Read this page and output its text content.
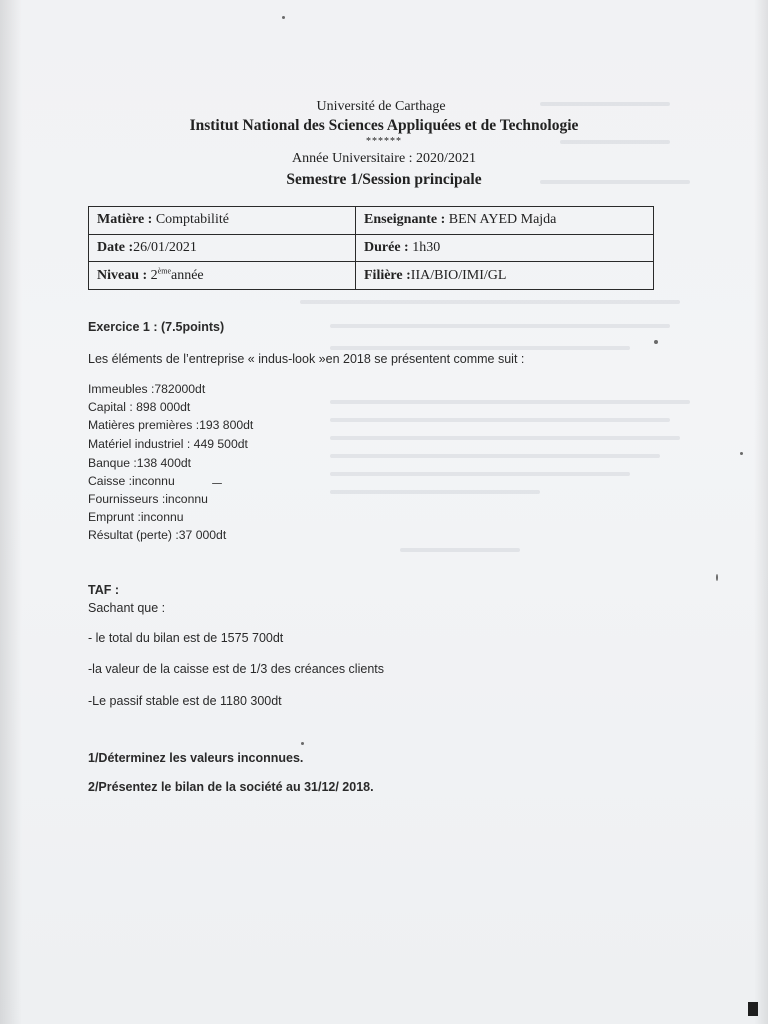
Université de Carthage
Institut National des Sciences Appliquées et de Technologie
******
Année Universitaire : 2020/2021
Semestre 1/Session principale
Matière : Comptabilité	Enseignante : BEN AYED Majda
Date :26/01/2021	Durée : 1h30
Niveau : 2èmeannée	Filière :IIA/BIO/IMI/GL
Exercice 1 : (7.5points)
Les éléments de l’entreprise « indus-look »en 2018 se présentent comme suit :
Immeubles :782000dt
Capital : 898 000dt
Matières premières :193 800dt
Matériel industriel : 449 500dt
Banque :138 400dt
Caisse :inconnu
Fournisseurs :inconnu
Emprunt :inconnu
Résultat (perte) :37 000dt
TAF :
Sachant que :
- le total du bilan est de 1575 700dt
-la valeur de la caisse est de 1/3 des créances clients
-Le passif stable est de 1180 300dt
1/Déterminez les valeurs inconnues.
2/Présentez le bilan de la société au 31/12/ 2018.
